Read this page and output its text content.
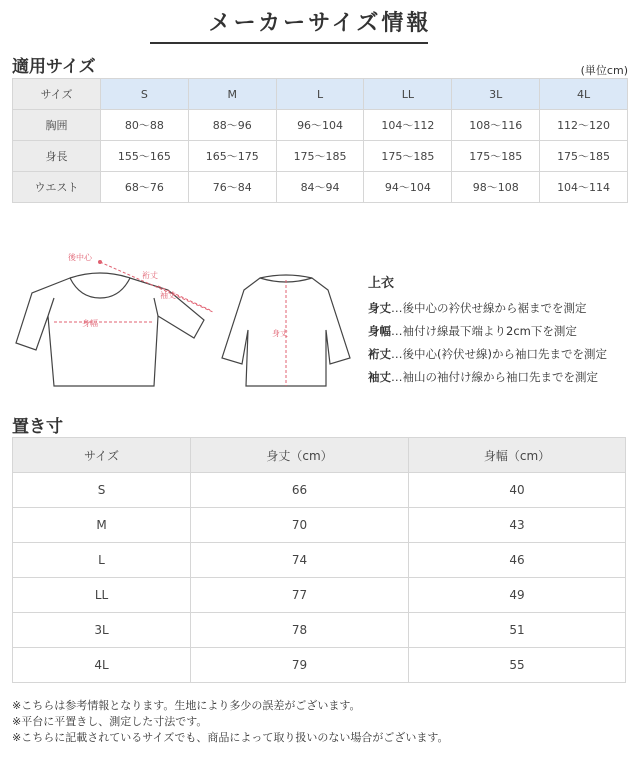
メーカーサイズ情報
適用サイズ	(単位cm)
サイズ	S	M	L	LL	3L	4L
胸囲	80〜88	88〜96	96〜104	104〜112	108〜116	112〜120
身長	155〜165	165〜175	175〜185	175〜185	175〜185	175〜185
ウエスト	68〜76	76〜84	84〜94	94〜104	98〜108	104〜114
後中心
裄丈
袖丈
身幅
身丈
上衣
身丈…後中心の衿伏せ線から裾までを測定
身幅…袖付け線最下端より2cm下を測定
裄丈…後中心(衿伏せ線)から袖口先までを測定
袖丈…袖山の袖付け線から袖口先までを測定
置き寸
サイズ	身丈（cm）	身幅（cm）
S	66	40
M	70	43
L	74	46
LL	77	49
3L	78	51
4L	79	55
※こちらは参考情報となります。生地により多少の誤差がございます。
※平台に平置きし、測定した寸法です。
※こちらに記載されているサイズでも、商品によって取り扱いのない場合がございます。
